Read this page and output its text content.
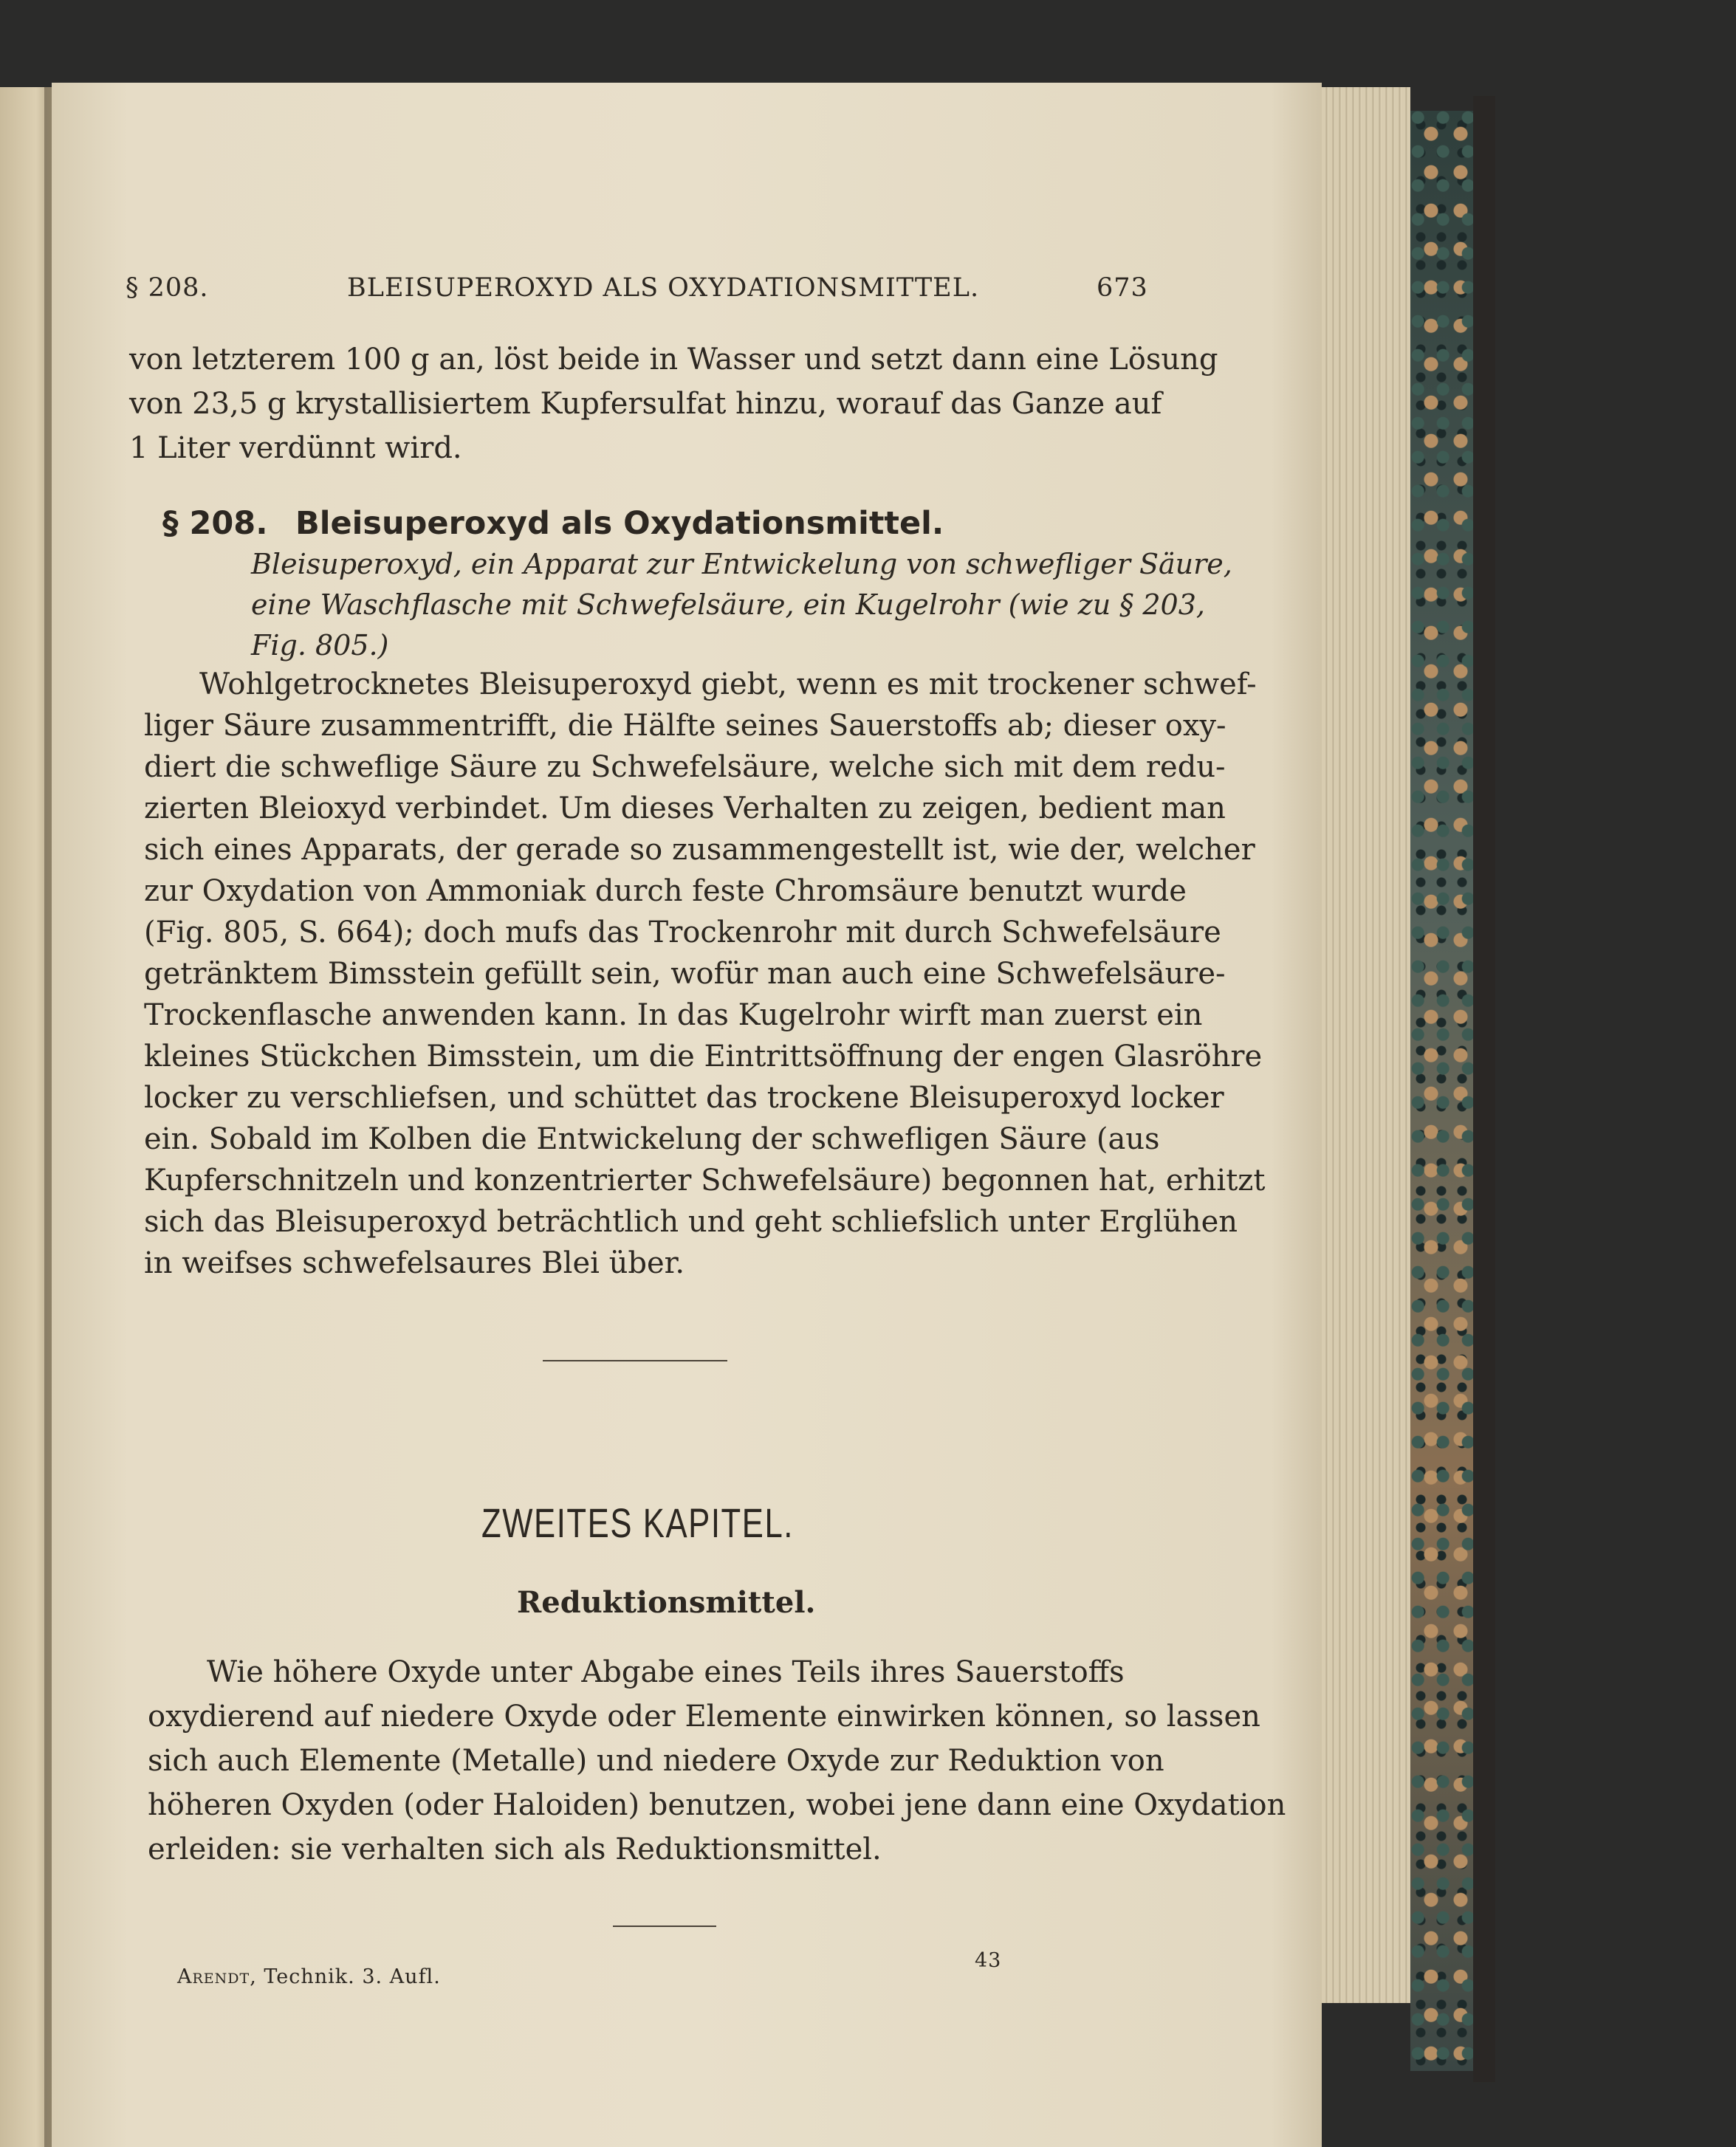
§ 208.	BLEISUPEROXYD ALS OXYDATIONSMITTEL.	673
von letzterem 100 g an, löst beide in Wasser und setzt dann eine Lösung
von 23,5 g krystallisiertem Kupfersulfat hinzu, worauf das Ganze auf
1 Liter verdünnt wird.
§ 208. Bleisuperoxyd als Oxydationsmittel.
Bleisuperoxyd, ein Apparat zur Entwickelung von schwefliger Säure,
eine Waschflasche mit Schwefelsäure, ein Kugelrohr (wie zu § 203,
Fig. 805.)
Wohlgetrocknetes Bleisuperoxyd giebt, wenn es mit trockener schwef-
liger Säure zusammentrifft, die Hälfte seines Sauerstoffs ab; dieser oxy-
diert die schweflige Säure zu Schwefelsäure, welche sich mit dem redu-
zierten Bleioxyd verbindet. Um dieses Verhalten zu zeigen, bedient man
sich eines Apparats, der gerade so zusammengestellt ist, wie der, welcher
zur Oxydation von Ammoniak durch feste Chromsäure benutzt wurde
(Fig. 805, S. 664); doch mufs das Trockenrohr mit durch Schwefelsäure
getränktem Bimsstein gefüllt sein, wofür man auch eine Schwefelsäure-
Trockenflasche anwenden kann. In das Kugelrohr wirft man zuerst ein
kleines Stückchen Bimsstein, um die Eintrittsöffnung der engen Glasröhre
locker zu verschliefsen, und schüttet das trockene Bleisuperoxyd locker
ein. Sobald im Kolben die Entwickelung der schwefligen Säure (aus
Kupferschnitzeln und konzentrierter Schwefelsäure) begonnen hat, erhitzt
sich das Bleisuperoxyd beträchtlich und geht schliefslich unter Erglühen
in weifses schwefelsaures Blei über.
ZWEITES KAPITEL.
Reduktionsmittel.
Wie höhere Oxyde unter Abgabe eines Teils ihres Sauerstoffs
oxydierend auf niedere Oxyde oder Elemente einwirken können, so lassen
sich auch Elemente (Metalle) und niedere Oxyde zur Reduktion von
höheren Oxyden (oder Haloiden) benutzen, wobei jene dann eine Oxydation
erleiden: sie verhalten sich als Reduktionsmittel.
Arendt, Technik. 3. Aufl.
43
